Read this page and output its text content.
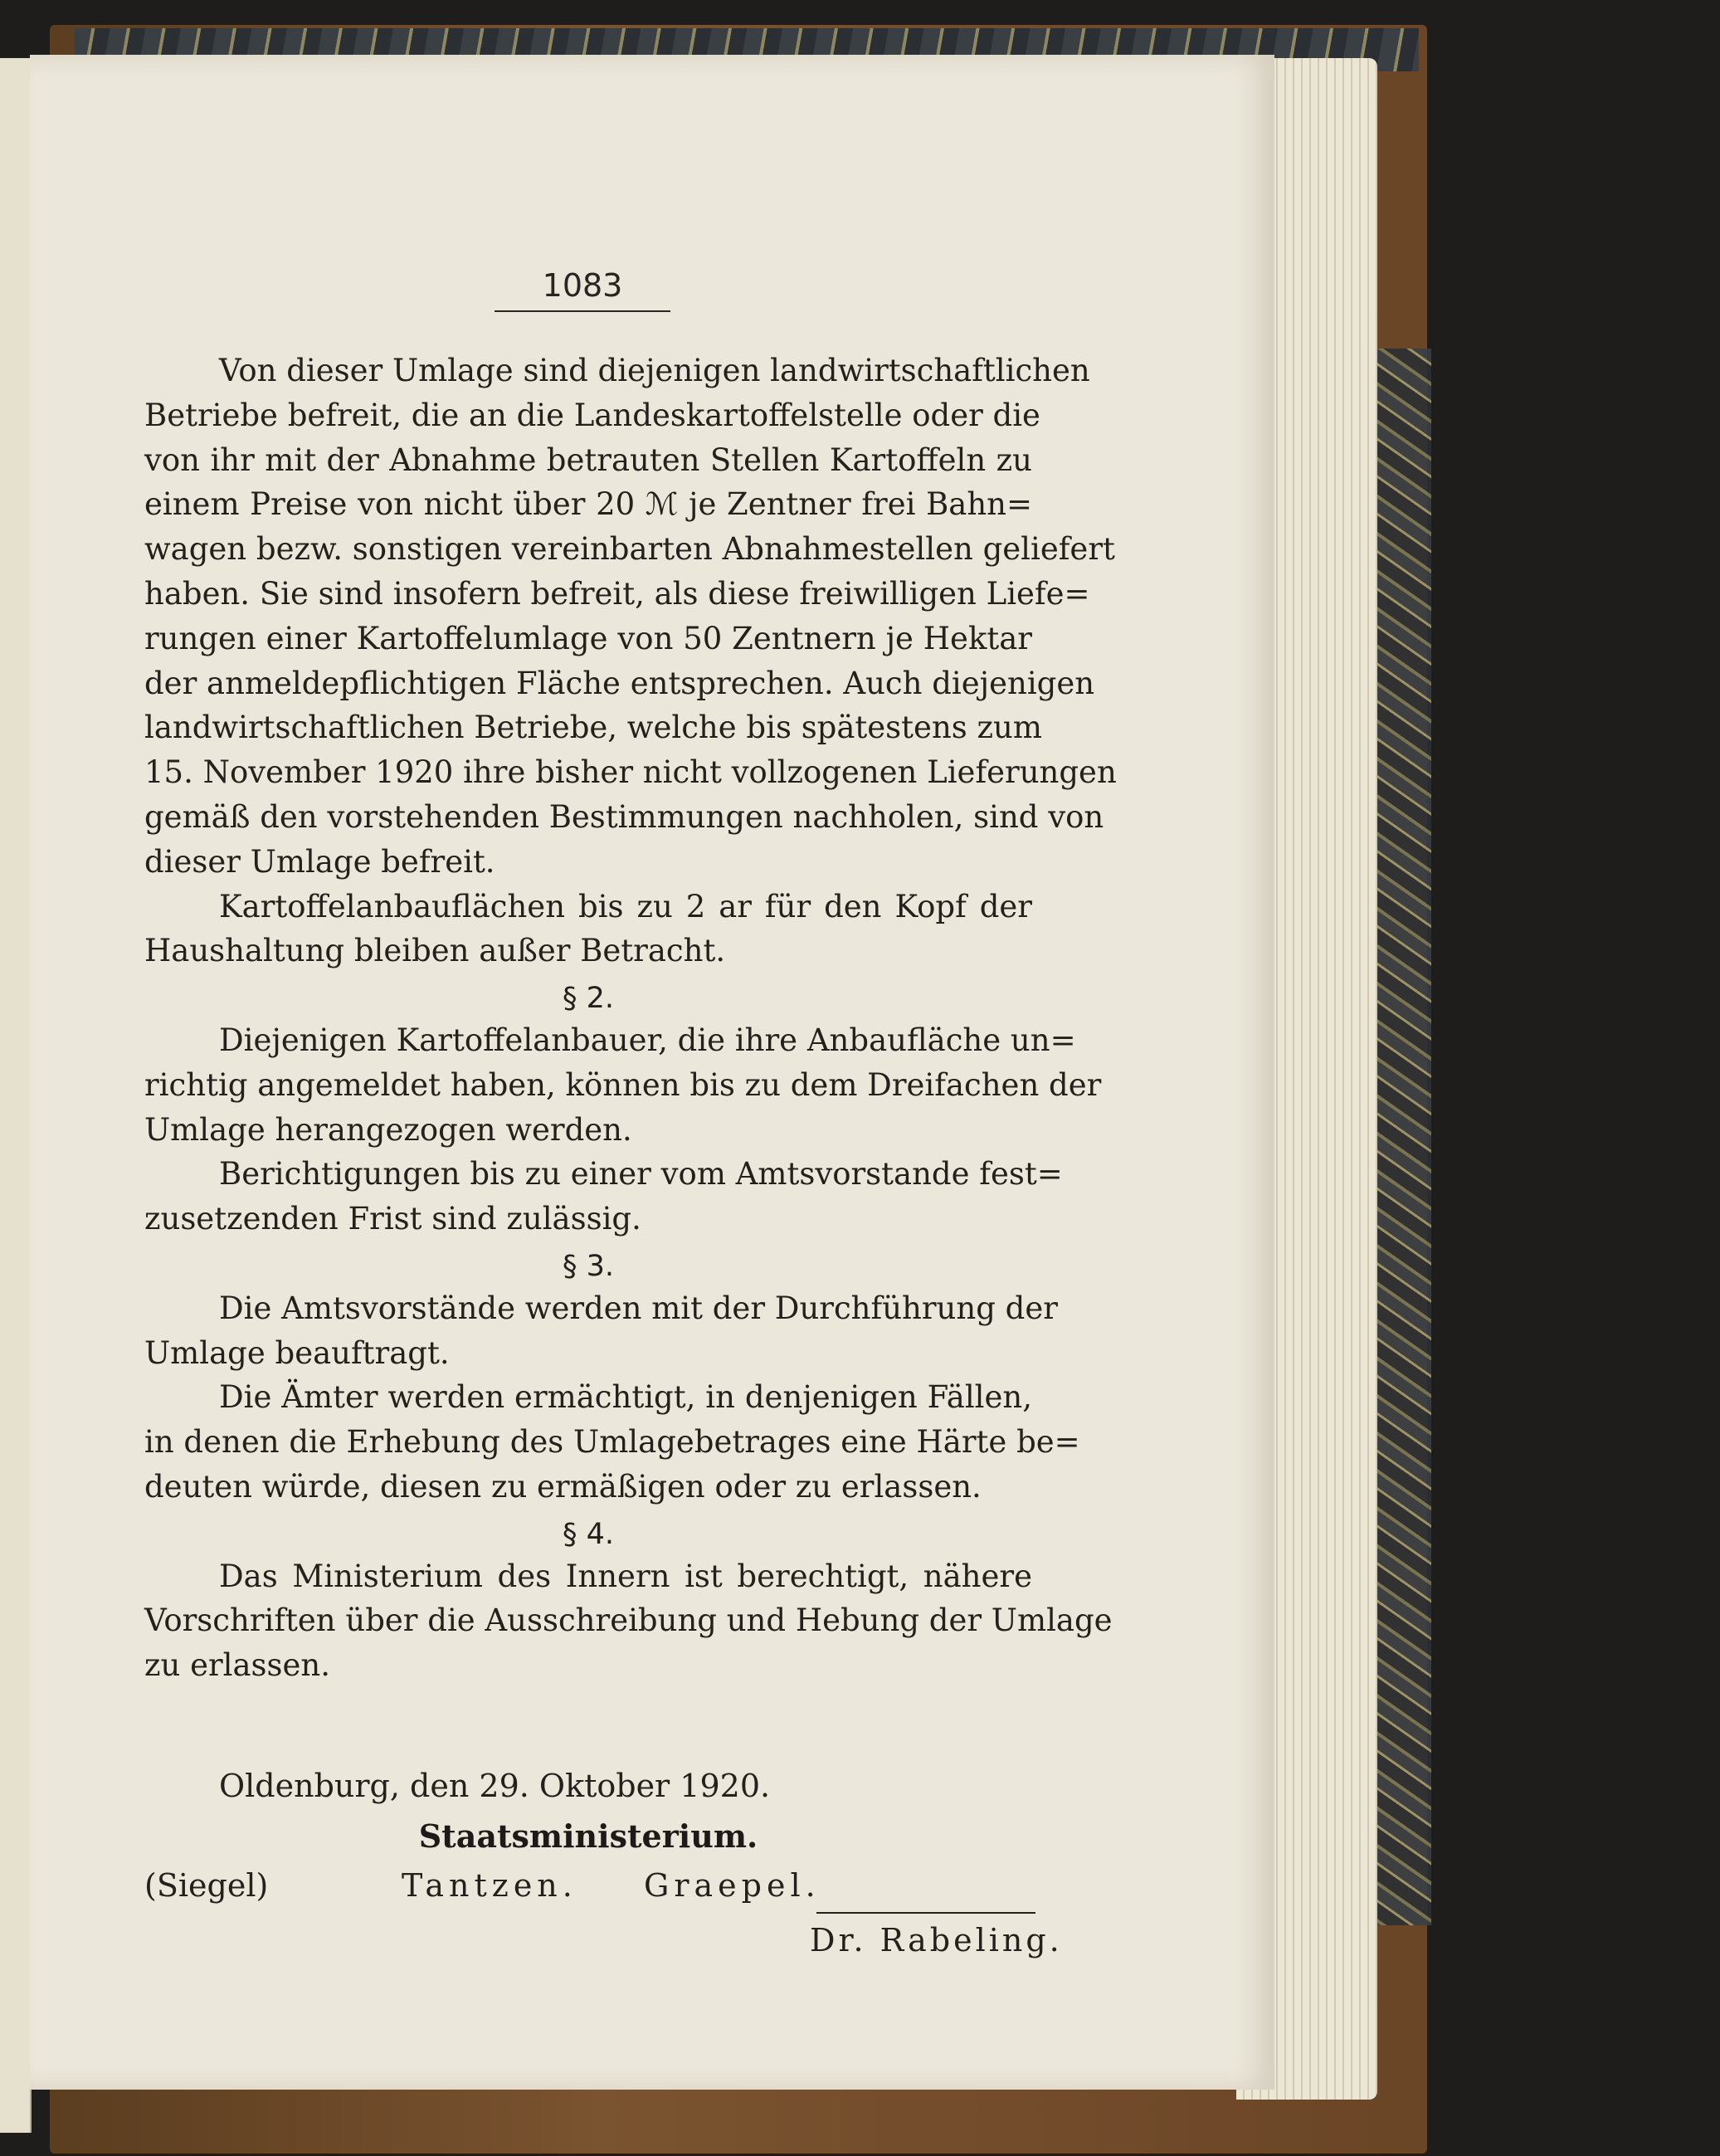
1083
Von dieser Umlage sind diejenigen landwirtschaftlichen
Betriebe befreit, die an die Landeskartoffelstelle oder die
von ihr mit der Abnahme betrauten Stellen Kartoffeln zu
einem Preise von nicht über 20 ℳ je Zentner frei Bahn=
wagen bezw. sonstigen vereinbarten Abnahmestellen geliefert
haben. Sie sind insofern befreit, als diese freiwilligen Liefe=
rungen einer Kartoffelumlage von 50 Zentnern je Hektar
der anmeldepflichtigen Fläche entsprechen. Auch diejenigen
landwirtschaftlichen Betriebe, welche bis spätestens zum
15. November 1920 ihre bisher nicht vollzogenen Lieferungen
gemäß den vorstehenden Bestimmungen nachholen, sind von
dieser Umlage befreit.
Kartoffelanbauflächen bis zu 2 ar für den Kopf der
Haushaltung bleiben außer Betracht.
§ 2.
Diejenigen Kartoffelanbauer, die ihre Anbaufläche un=
richtig angemeldet haben, können bis zu dem Dreifachen der
Umlage herangezogen werden.
Berichtigungen bis zu einer vom Amtsvorstande fest=
zusetzenden Frist sind zulässig.
§ 3.
Die Amtsvorstände werden mit der Durchführung der
Umlage beauftragt.
Die Ämter werden ermächtigt, in denjenigen Fällen,
in denen die Erhebung des Umlagebetrages eine Härte be=
deuten würde, diesen zu ermäßigen oder zu erlassen.
§ 4.
Das Ministerium des Innern ist berechtigt, nähere
Vorschriften über die Ausschreibung und Hebung der Umlage
zu erlassen.
Oldenburg, den 29. Oktober 1920.
Staatsministerium.
(Siegel)	Tantzen. Graepel.
Dr. Rabeling.
